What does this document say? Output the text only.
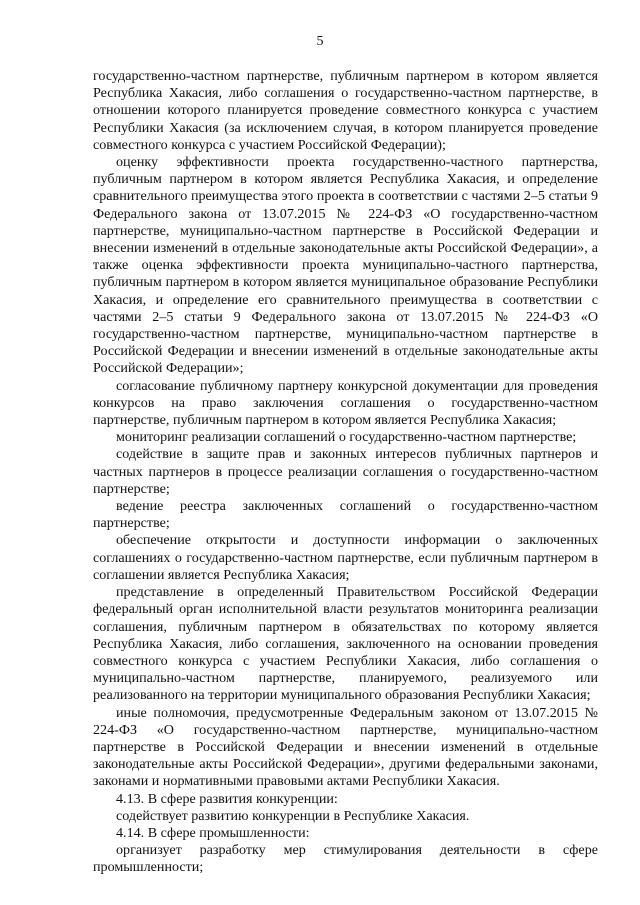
5

государственно-частном партнерстве, публичным партнером в котором является Республика Хакасия, либо соглашения о государственно-частном партнерстве, в отношении которого планируется проведение совместного конкурса с участием Республики Хакасия (за исключением случая, в котором планируется проведение совместного конкурса с участием Российской Федерации);

оценку эффективности проекта государственно-частного партнерства, публичным партнером в котором является Республика Хакасия, и определение сравнительного преимущества этого проекта в соответствии с частями 2–5 статьи 9 Федерального закона от 13.07.2015 № 224-ФЗ «О государственно-частном партнерстве, муниципально-частном партнерстве в Российской Федерации и внесении изменений в отдельные законодательные акты Российской Федерации», а также оценка эффективности проекта муниципально-частного партнерства, публичным партнером в котором является муниципальное образование Республики Хакасия, и определение его сравнительного преимущества в соответствии с частями 2–5 статьи 9 Федерального закона от 13.07.2015 № 224-ФЗ «О государственно-частном партнерстве, муниципально-частном партнерстве в Российской Федерации и внесении изменений в отдельные законодательные акты Российской Федерации»;

согласование публичному партнеру конкурсной документации для проведения конкурсов на право заключения соглашения о государственно-частном партнерстве, публичным партнером в котором является Республика Хакасия;

мониторинг реализации соглашений о государственно-частном партнерстве;

содействие в защите прав и законных интересов публичных партнеров и частных партнеров в процессе реализации соглашения о государственно-частном партнерстве;

ведение реестра заключенных соглашений о государственно-частном партнерстве;

обеспечение открытости и доступности информации о заключенных соглашениях о государственно-частном партнерстве, если публичным партнером в соглашении является Республика Хакасия;

представление в определенный Правительством Российской Федерации федеральный орган исполнительной власти результатов мониторинга реализации соглашения, публичным партнером в обязательствах по которому является Республика Хакасия, либо соглашения, заключенного на основании проведения совместного конкурса с участием Республики Хакасия, либо соглашения о муниципально-частном партнерстве, планируемого, реализуемого или реализованного на территории муниципального образования Республики Хакасия;

иные полномочия, предусмотренные Федеральным законом от 13.07.2015 № 224-ФЗ «О государственно-частном партнерстве, муниципально-частном партнерстве в Российской Федерации и внесении изменений в отдельные законодательные акты Российской Федерации», другими федеральными законами, законами и нормативными правовыми актами Республики Хакасия.

4.13. В сфере развития конкуренции:

содействует развитию конкуренции в Республике Хакасия.

4.14. В сфере промышленности:

организует разработку мер стимулирования деятельности в сфере промышленности;
